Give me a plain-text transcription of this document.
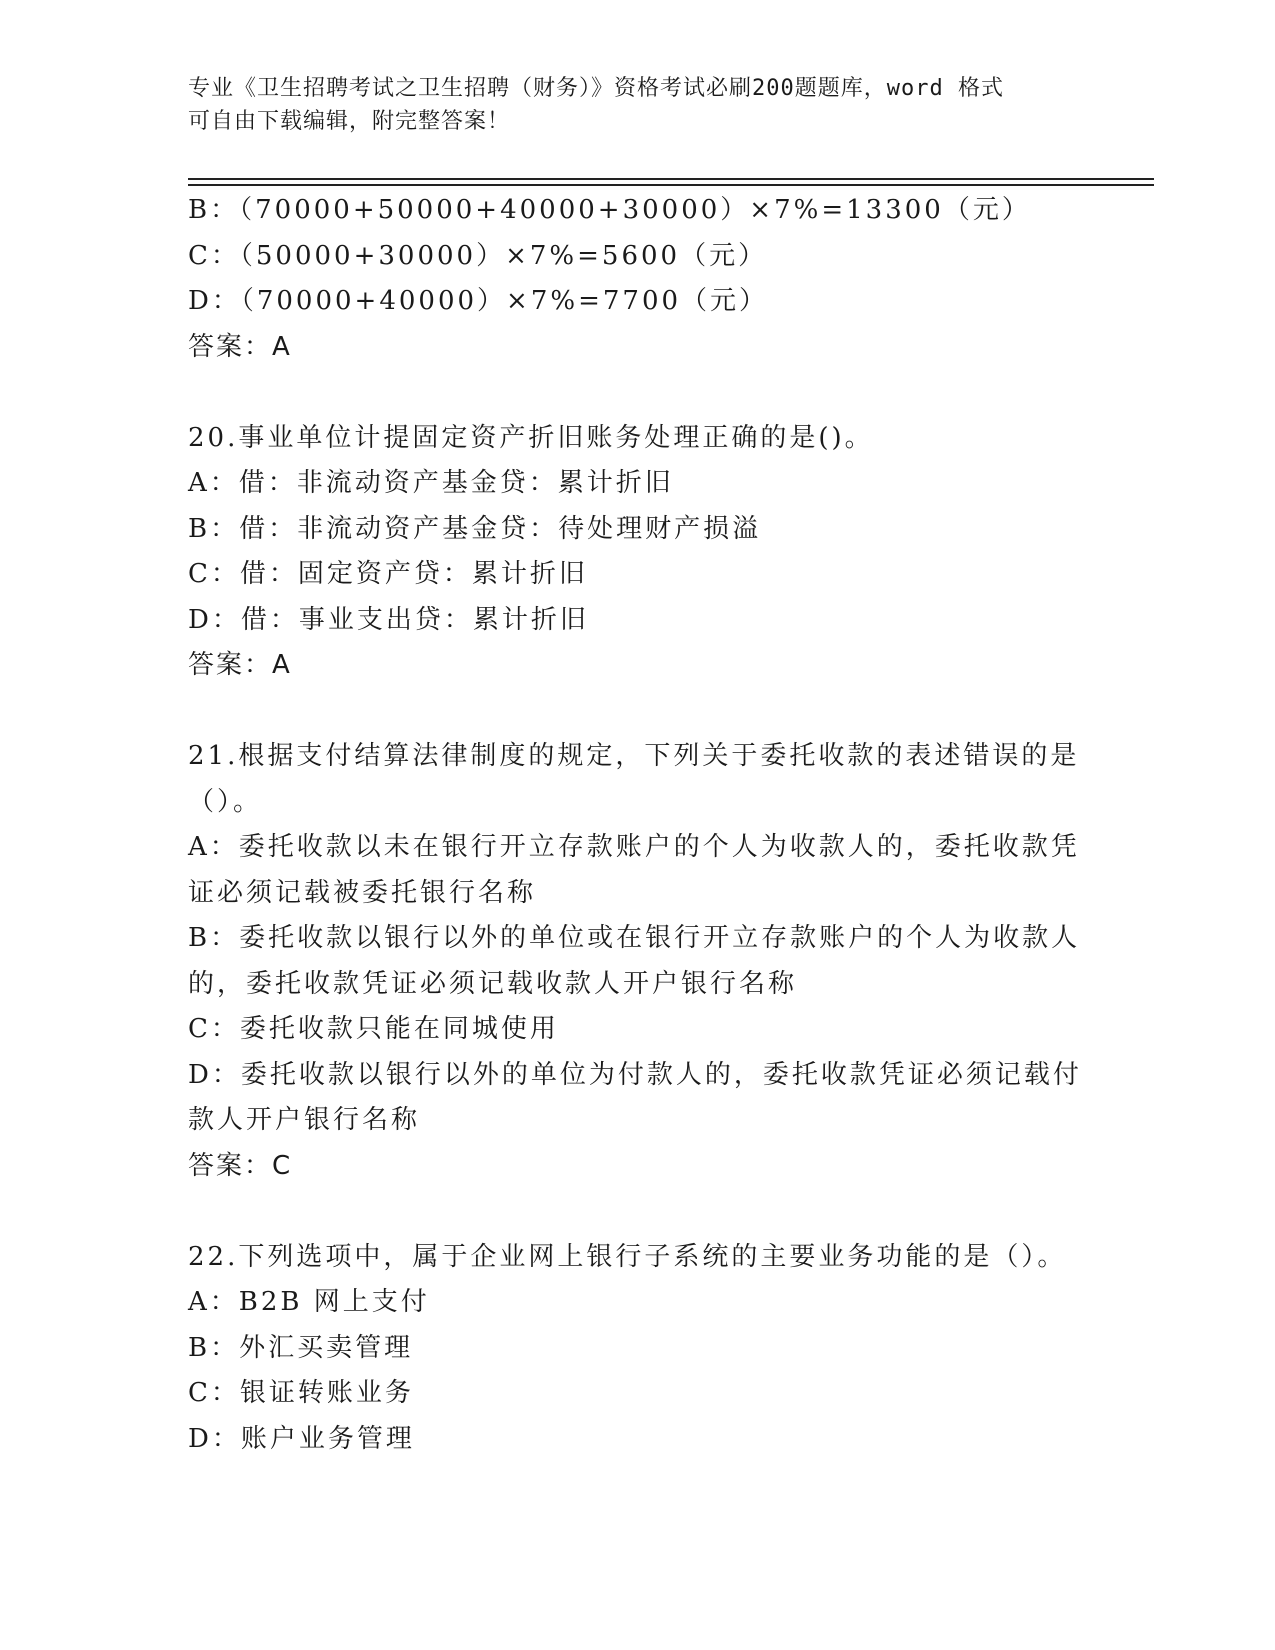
专业《卫生招聘考试之卫生招聘（财务）》资格考试必刷200题题库，word 格式
可自由下载编辑，附完整答案！
B：（70000+50000+40000+30000）×7%=13300（元）
C：（50000+30000）×7%=5600（元）
D：（70000+40000）×7%=7700（元）
答案：A
20.事业单位计提固定资产折旧账务处理正确的是()。
A：借：非流动资产基金贷：累计折旧
B：借：非流动资产基金贷：待处理财产损溢
C：借：固定资产贷：累计折旧
D：借：事业支出贷：累计折旧
答案：A
21.根据支付结算法律制度的规定，下列关于委托收款的表述错误的是
（）。
A：委托收款以未在银行开立存款账户的个人为收款人的，委托收款凭
证必须记载被委托银行名称
B：委托收款以银行以外的单位或在银行开立存款账户的个人为收款人
的，委托收款凭证必须记载收款人开户银行名称
C：委托收款只能在同城使用
D：委托收款以银行以外的单位为付款人的，委托收款凭证必须记载付
款人开户银行名称
答案：C
22.下列选项中，属于企业网上银行子系统的主要业务功能的是（）。
A：B2B 网上支付
B：外汇买卖管理
C：银证转账业务
D：账户业务管理
